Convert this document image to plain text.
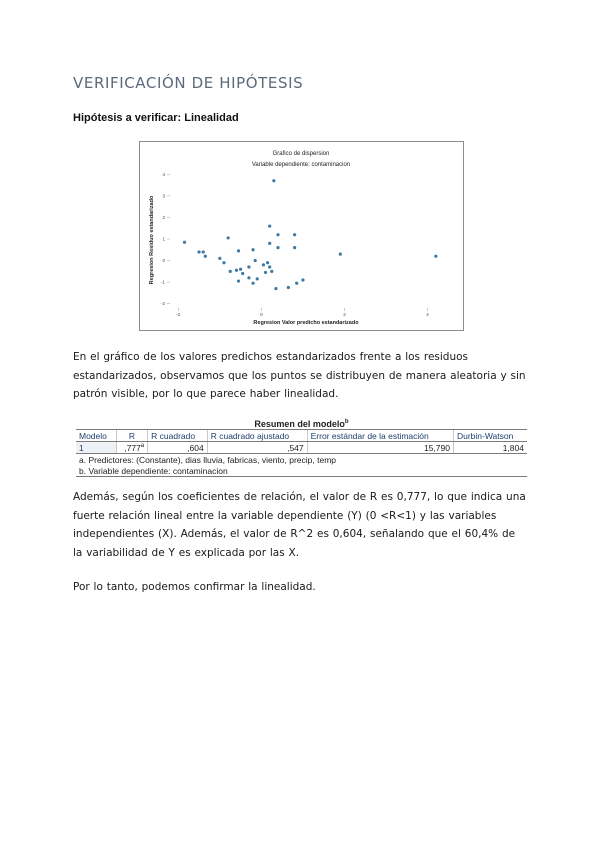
VERIFICACIÓN DE HIPÓTESIS
Hipótesis a verificar: Linealidad
Grafico de dispersion
Variable dependiente: contaminacion
Regresion Valor predicho estandarizado
Regresion Residuo estandarizado
-2
-1
0
1
2
3
4
-2	0	2	4
En el gráfico de los valores predichos estandarizados frente a los residuos estandarizados, observamos que los puntos se distribuyen de manera aleatoria y sin patrón visible, por lo que parece haber linealidad.
Resumen del modelo$^b$
Modelo	R	R cuadrado	R cuadrado ajustado	Error estándar de la estimación	Durbin-Watson
1	,777$^a$	,604	,547	15,790	1,804
a. Predictores: (Constante), dias lluvia, fabricas, viento, precip, temp					
b. Variable dependiente: contaminacion					
Además, según los coeficientes de relación, el valor de R es 0,777, lo que indica una fuerte relación lineal entre la variable dependiente (Y) (0 <R<1) y las variables independientes (X). Además, el valor de R^2 es 0,604, señalando que el 60,4% de la variabilidad de Y es explicada por las X.
Por lo tanto, podemos confirmar la linealidad.
